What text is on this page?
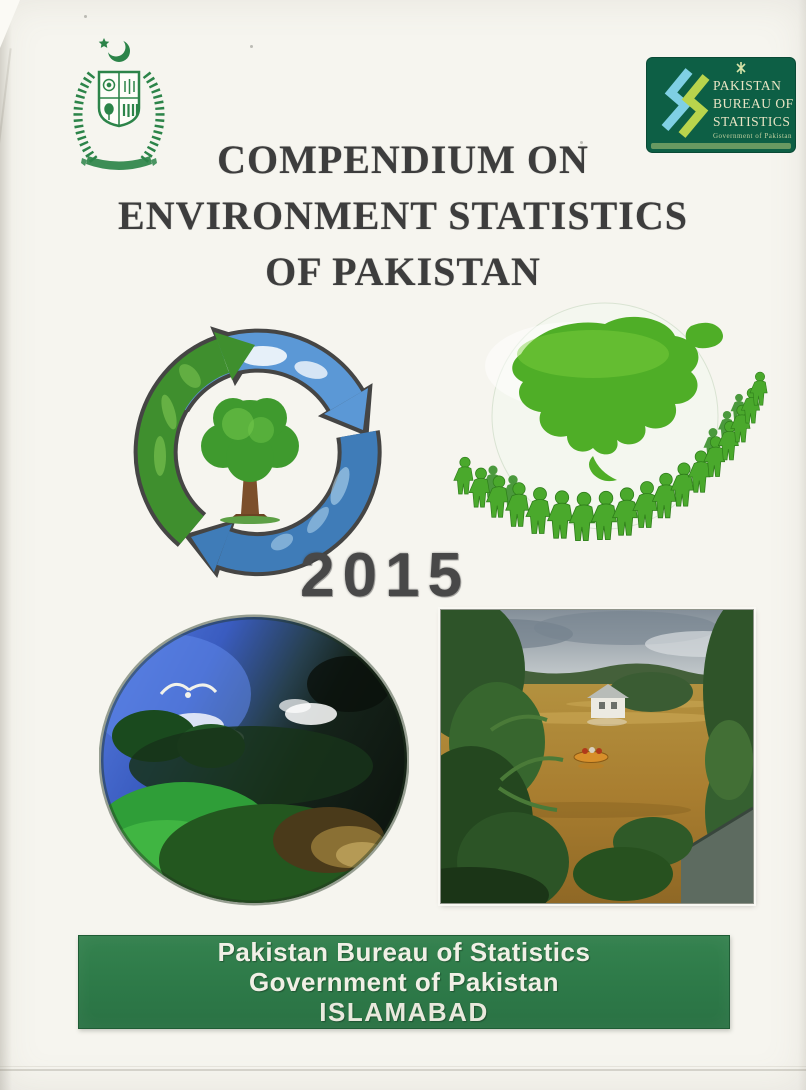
PAKISTAN
BUREAU OF
STATISTICS
Government of Pakistan
COMPENDIUM ON
ENVIRONMENT STATISTICS
OF PAKISTAN
2015
Pakistan Bureau of Statistics
Government of Pakistan
ISLAMABAD
